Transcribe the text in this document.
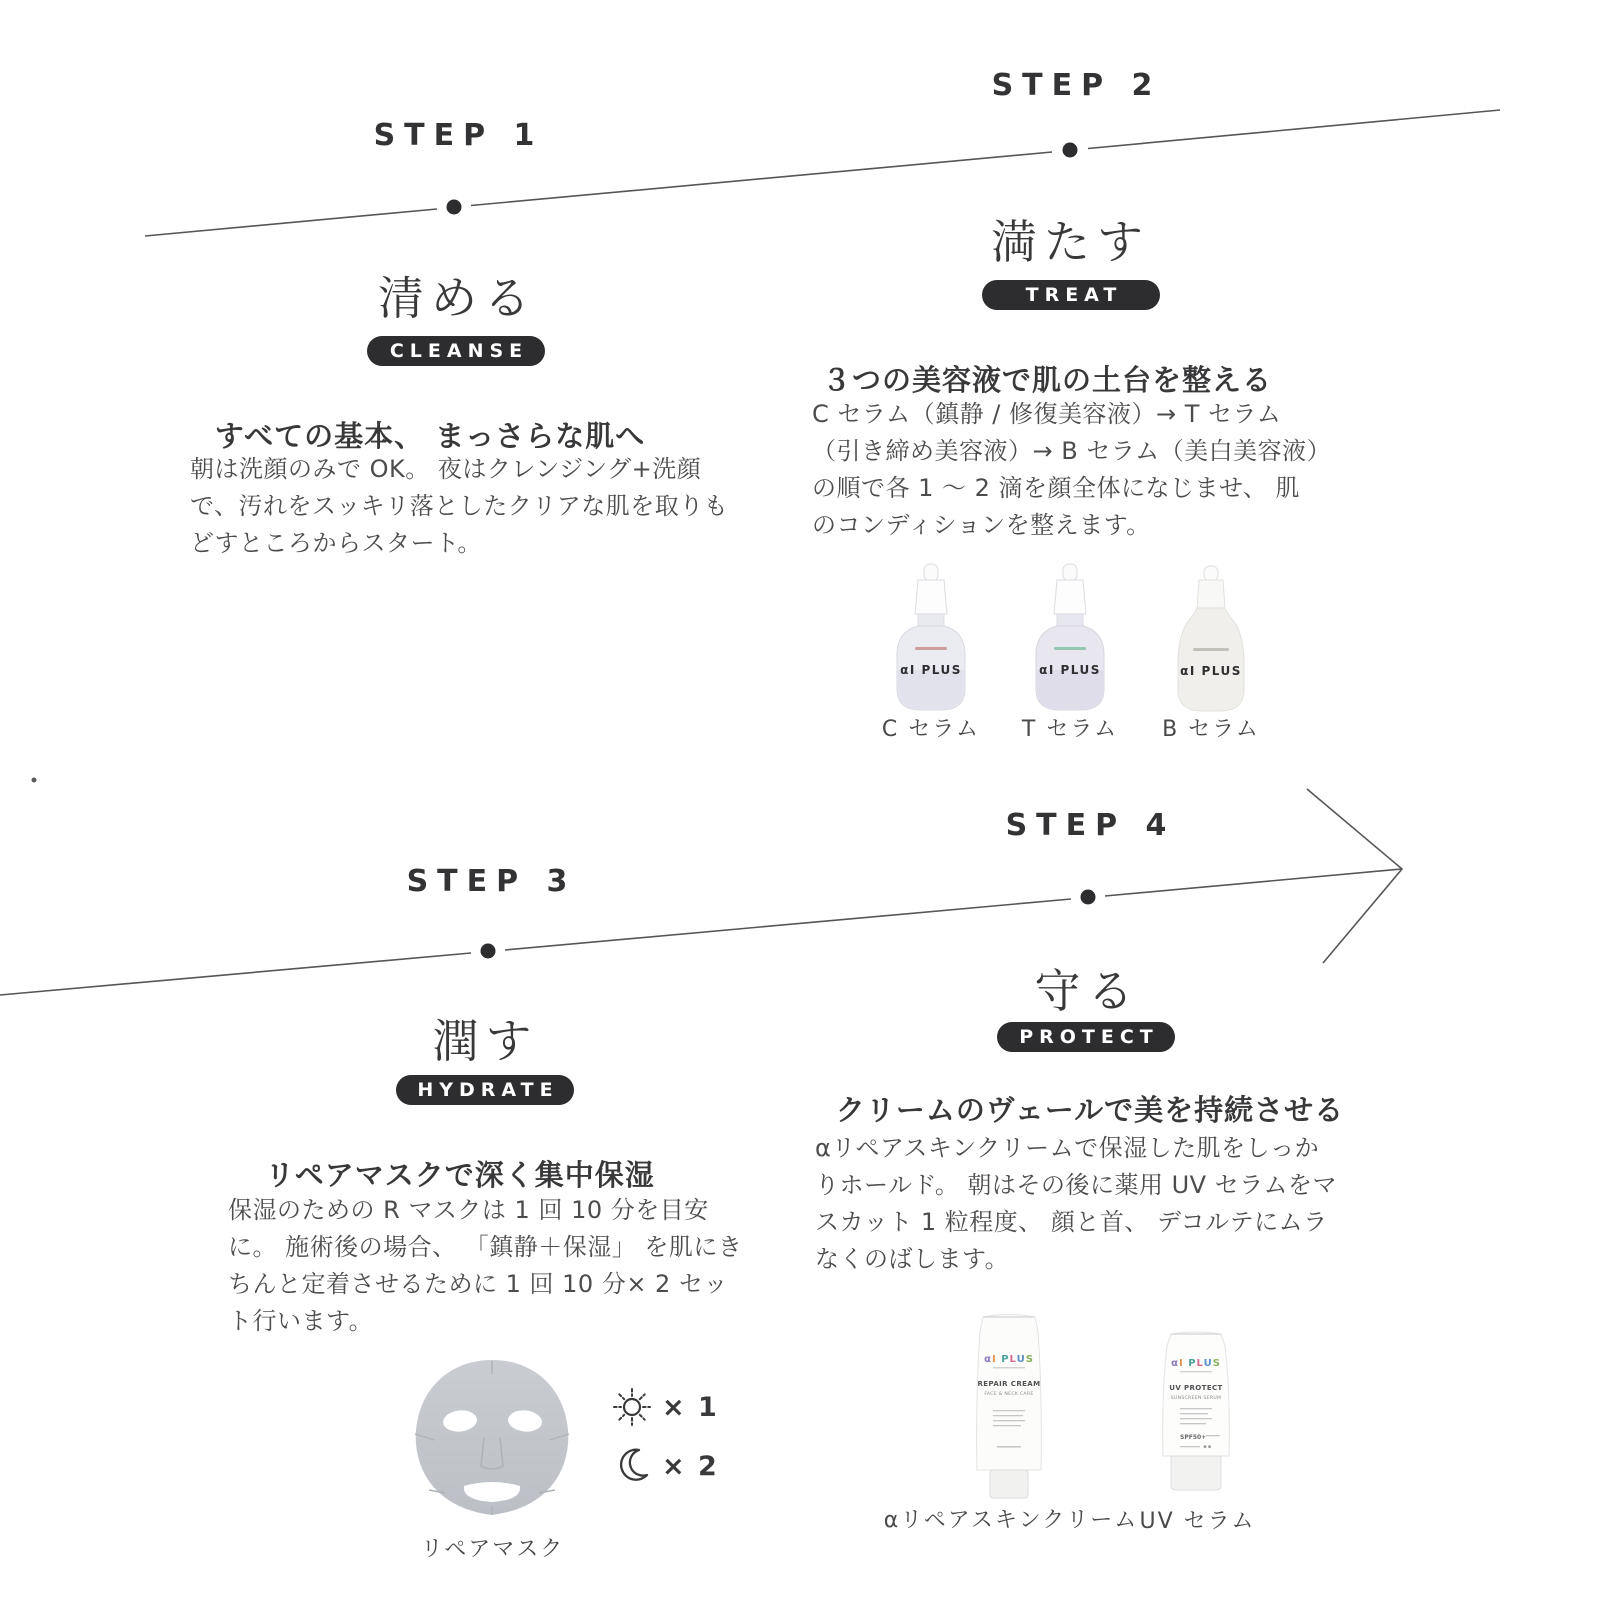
STEP 1
清める
CLEANSE
すべての基本、 まっさらな肌へ
朝は洗顔のみで OK。 夜はクレンジング+洗顔で、汚れをスッキリ落としたクリアな肌を取りもどすところからスタート。
STEP 2
満たす
TREAT
３つの美容液で肌の土台を整える
C セラム（鎮静 / 修復美容液）→ T セラム（引き締め美容液）→ B セラム（美白美容液）の順で各 1 〜 2 滴を顔全体になじませ、 肌のコンディションを整えます。
αI PLUS	αI PLUS	αI PLUS
C セラム	T セラム	B セラム
STEP 3
潤す
HYDRATE
リペアマスクで深く集中保湿
保湿のための R マスクは 1 回 10 分を目安に。 施術後の場合、 「鎮静＋保湿」 を肌にきちんと定着させるために 1 回 10 分× 2 セット行います。
× 1
× 2
リペアマスク
STEP 4
守る
PROTECT
クリームのヴェールで美を持続させる
αリペアスキンクリームで保湿した肌をしっかりホールド。 朝はその後に薬用 UV セラムをマスカット 1 粒程度、 顔と首、 デコルテにムラなくのばします。
αI PLUS
REPAIR CREAM
FACE & NECK CARE
αI PLUS
UV PROTECT
SUNSCREEN SERUM
SPF50+
αリペアスキンクリーム UV セラム
